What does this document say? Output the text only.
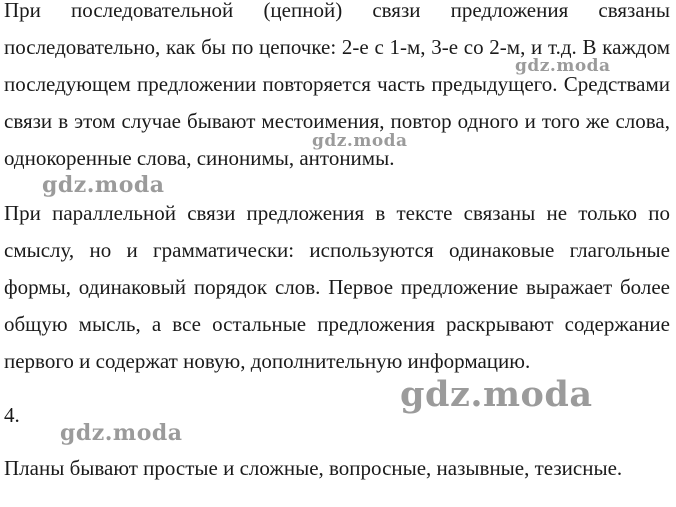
При последовательной (цепной) связи предложения связаны последовательно, как бы по цепочке: 2-е с 1-м, 3-е со 2-м, и т.д. В каждом последующем предложении повторяется часть предыдущего. Средствами связи в этом случае бывают местоимения, повтор одного и того же слова, однокоренные слова, синонимы, антонимы.

При параллельной связи предложения в тексте связаны не только по смыслу, но и грамматически: используются одинаковые глагольные формы, одинаковый порядок слов. Первое предложение выражает более общую мысль, а все остальные предложения раскрывают содержание первого и содержат новую, дополнительную информацию.

4.

Планы бывают простые и сложные, вопросные, назывные, тезисные.

gdz.moda
gdz.moda
gdz.moda
gdz.moda
gdz.moda
